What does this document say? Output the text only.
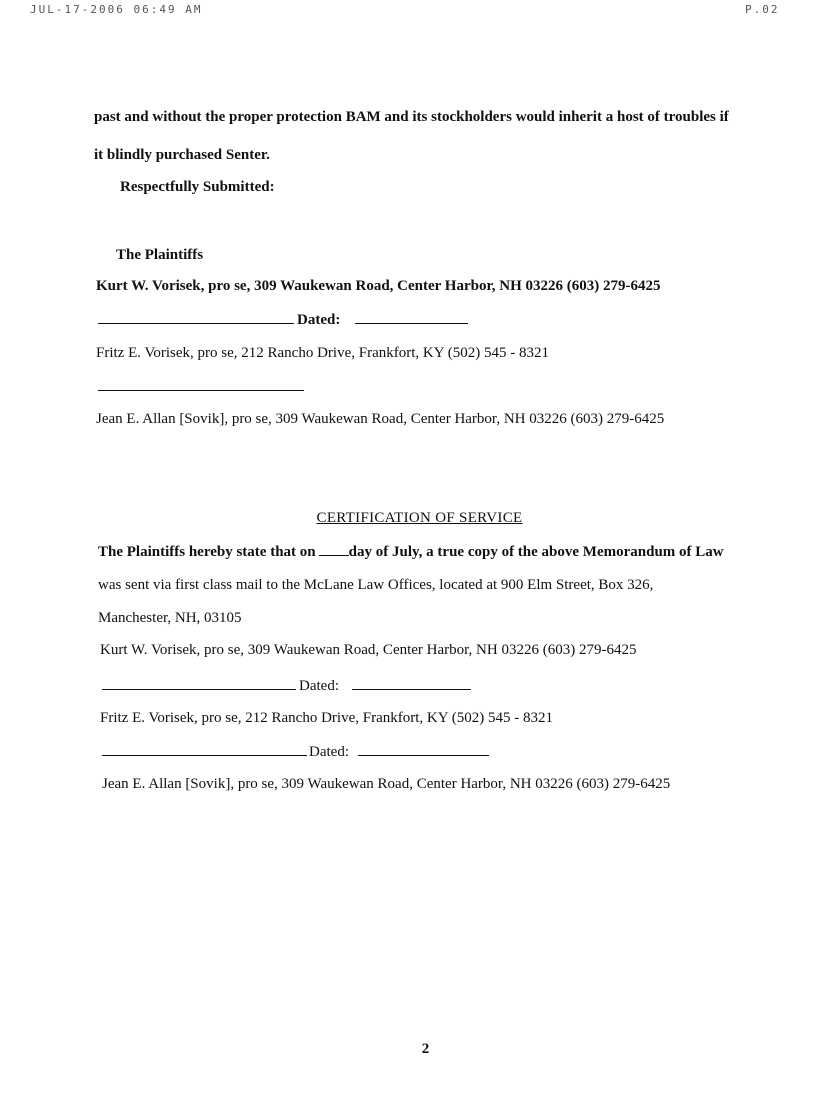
JUL-17-2006 06:49 AM	P.02
past and without the proper protection BAM and its stockholders would inherit a host of troubles if
it blindly purchased Senter.
Respectfully Submitted:
The Plaintiffs
Kurt W. Vorisek, pro se, 309 Waukewan Road, Center Harbor, NH 03226 (603) 279-6425
Dated:
Fritz E. Vorisek, pro se, 212 Rancho Drive, Frankfort, KY (502) 545 - 8321
Jean E. Allan [Sovik], pro se, 309 Waukewan Road, Center Harbor, NH 03226 (603) 279-6425
CERTIFICATION OF SERVICE
The Plaintiffs hereby state that on day of July, a true copy of the above Memorandum of Law
was sent via first class mail to the McLane Law Offices, located at 900 Elm Street, Box 326,
Manchester, NH, 03105
Kurt W. Vorisek, pro se, 309 Waukewan Road, Center Harbor, NH 03226 (603) 279-6425
Dated:
Fritz E. Vorisek, pro se, 212 Rancho Drive, Frankfort, KY (502) 545 - 8321
Dated:
Jean E. Allan [Sovik], pro se, 309 Waukewan Road, Center Harbor, NH 03226 (603) 279-6425
2
